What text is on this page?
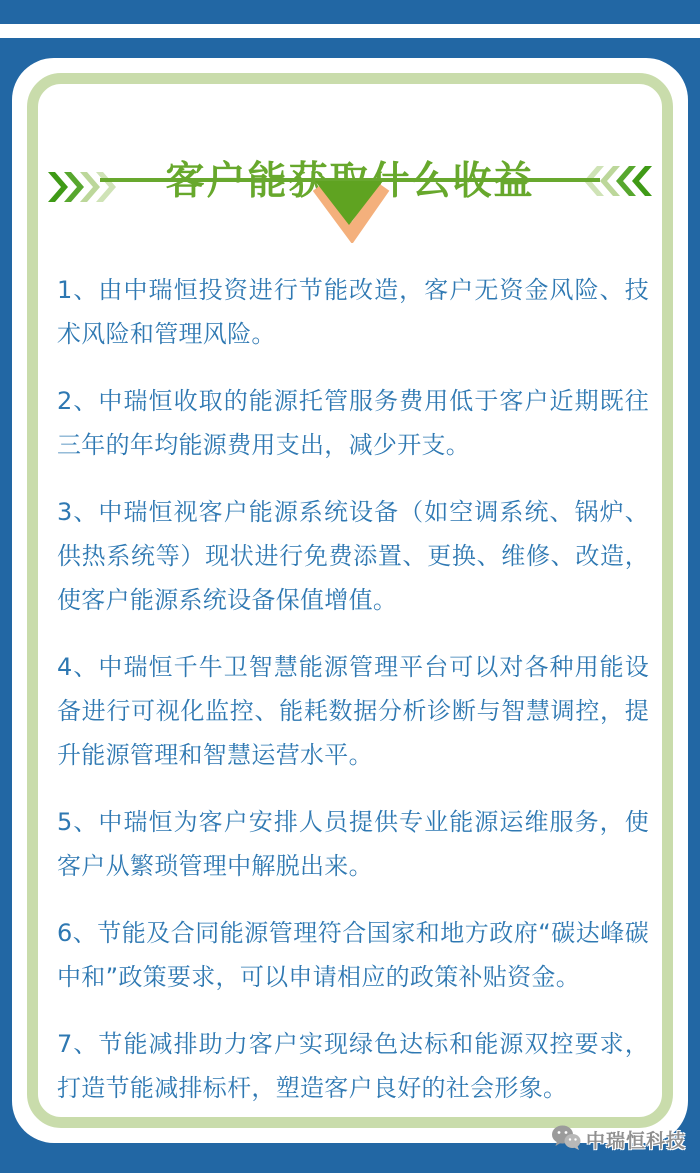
1、由中瑞恒投资进行节能改造，客户无资金风险、技术风险和管理风险。

2、中瑞恒收取的能源托管服务费用低于客户近期既往三年的年均能源费用支出，减少开支。

3、中瑞恒视客户能源系统设备（如空调系统、锅炉、供热系统等）现状进行免费添置、更换、维修、改造，使客户能源系统设备保值增值。

4、中瑞恒千牛卫智慧能源管理平台可以对各种用能设备进行可视化监控、能耗数据分析诊断与智慧调控，提升能源管理和智慧运营水平。

5、中瑞恒为客户安排人员提供专业能源运维服务，使客户从繁琐管理中解脱出来。

6、节能及合同能源管理符合国家和地方政府“碳达峰碳中和”政策要求，可以申请相应的政策补贴资金。

7、节能减排助力客户实现绿色达标和能源双控要求，打造节能减排标杆，塑造客户良好的社会形象。

中瑞恒科技
